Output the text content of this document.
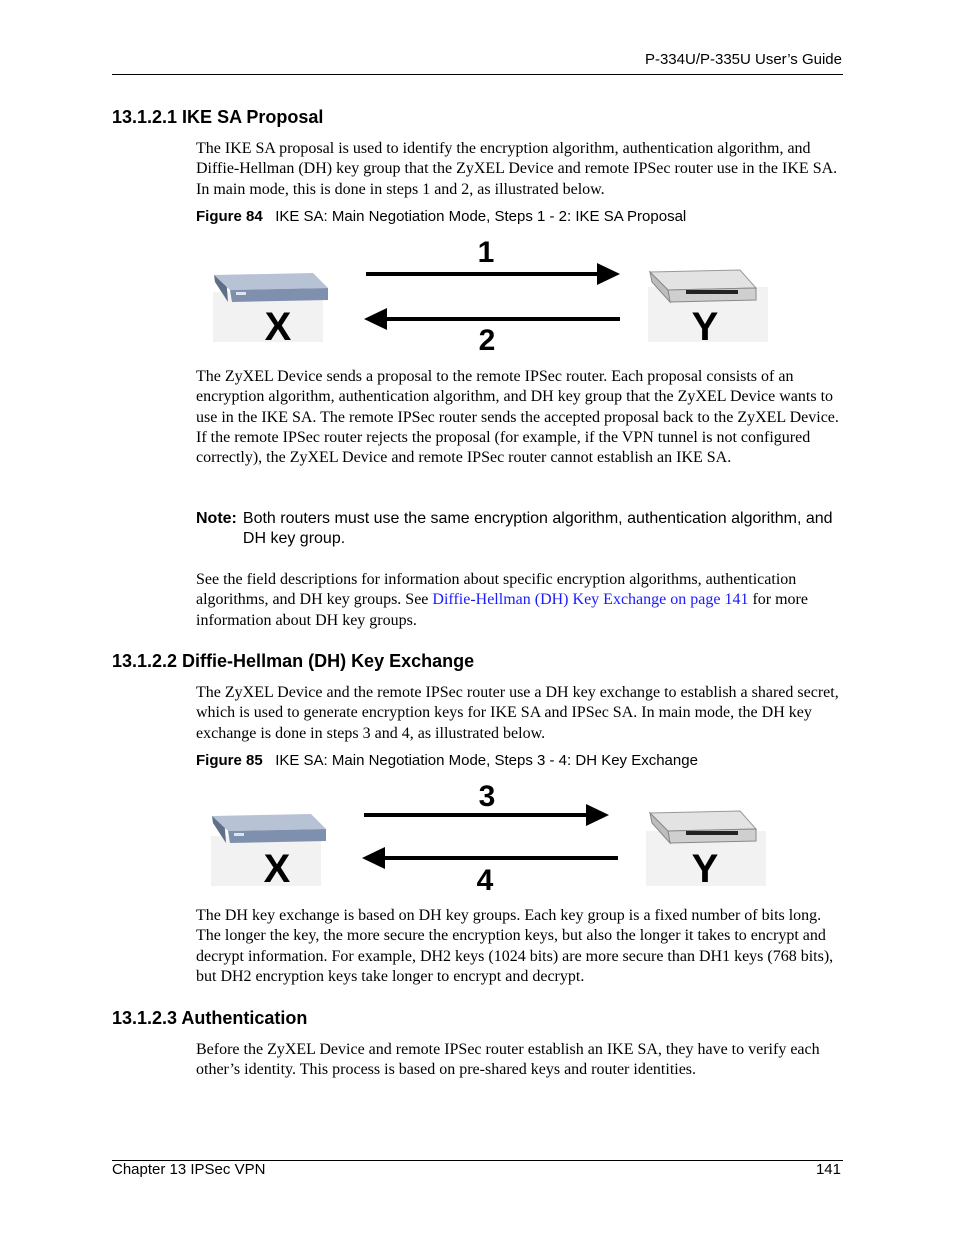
P-334U/P-335U User’s Guide
13.1.2.1 IKE SA Proposal
The IKE SA proposal is used to identify the encryption algorithm, authentication algorithm, and Diffie-Hellman (DH) key group that the ZyXEL Device and remote IPSec router use in the IKE SA. In main mode, this is done in steps 1 and 2, as illustrated below.
Figure 84 IKE SA: Main Negotiation Mode, Steps 1 - 2: IKE SA Proposal
1
2
X	Y
The ZyXEL Device sends a proposal to the remote IPSec router. Each proposal consists of an encryption algorithm, authentication algorithm, and DH key group that the ZyXEL Device wants to use in the IKE SA. The remote IPSec router sends the accepted proposal back to the ZyXEL Device. If the remote IPSec router rejects the proposal (for example, if the VPN tunnel is not configured correctly), the ZyXEL Device and remote IPSec router cannot establish an IKE SA.
Note: Both routers must use the same encryption algorithm, authentication algorithm, and DH key group.
See the field descriptions for information about specific encryption algorithms, authentication algorithms, and DH key groups. See Diffie-Hellman (DH) Key Exchange on page 141 for more information about DH key groups.
13.1.2.2 Diffie-Hellman (DH) Key Exchange
The ZyXEL Device and the remote IPSec router use a DH key exchange to establish a shared secret, which is used to generate encryption keys for IKE SA and IPSec SA. In main mode, the DH key exchange is done in steps 3 and 4, as illustrated below.
Figure 85 IKE SA: Main Negotiation Mode, Steps 3 - 4: DH Key Exchange
3
4
X	Y
The DH key exchange is based on DH key groups. Each key group is a fixed number of bits long. The longer the key, the more secure the encryption keys, but also the longer it takes to encrypt and decrypt information. For example, DH2 keys (1024 bits) are more secure than DH1 keys (768 bits), but DH2 encryption keys take longer to encrypt and decrypt.
13.1.2.3 Authentication
Before the ZyXEL Device and remote IPSec router establish an IKE SA, they have to verify each other’s identity. This process is based on pre-shared keys and router identities.
Chapter 13 IPSec VPN	141
